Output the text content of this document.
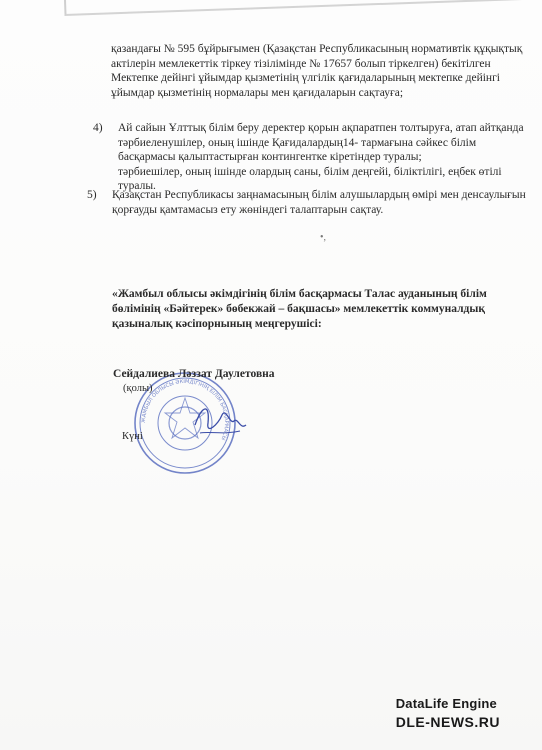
қазандағы № 595 бұйрығымен (Қазақстан Республикасының нормативтік құқықтық
актілерін мемлекеттік тіркеу тізілімінде № 17657 болып тіркелген) бекітілген
Мектепке дейінгі ұйымдар қызметінің үлгілік қағидаларының мектепке дейінгі
ұйымдар қызметінің нормалары мен қағидаларын сақтауға;
4) Ай сайын Ұлттық білім беру деректер қорын ақпаратпен толтыруға, атап айтқанда
тәрбиеленушілер, оның ішінде Қағидалардың14- тармағына сәйкес білім
басқармасы қалыптастырған контингентке кіретіндер туралы;
тәрбиешілер, оның ішінде олардың саны, білім деңгейі, біліктілігі, еңбек өтілі
туралы.
5) Қазақстан Республикасы заңнамасының білім алушылардың өмірі мен денсаулығын
қорғауды қамтамасыз ету жөніндегі талаптарын сақтау.
•,
«Жамбыл облысы әкімдігінің білім басқармасы Талас ауданының білім
бөлімінің «Бәйтерек» бөбекжай – бақшасы» мемлекеттік коммуналдық
қазыналық кәсіпорнының меңгерушісі:
ЖАМБЫЛ ОБЛЫСЫ ӘКІМДІГІНІҢ БІЛІМ БАСҚАРМАСЫ
Сейдалиева Ләззат Даулетовна
(қолы)
Күні
DataLife Engine
DLE-NEWS.RU
